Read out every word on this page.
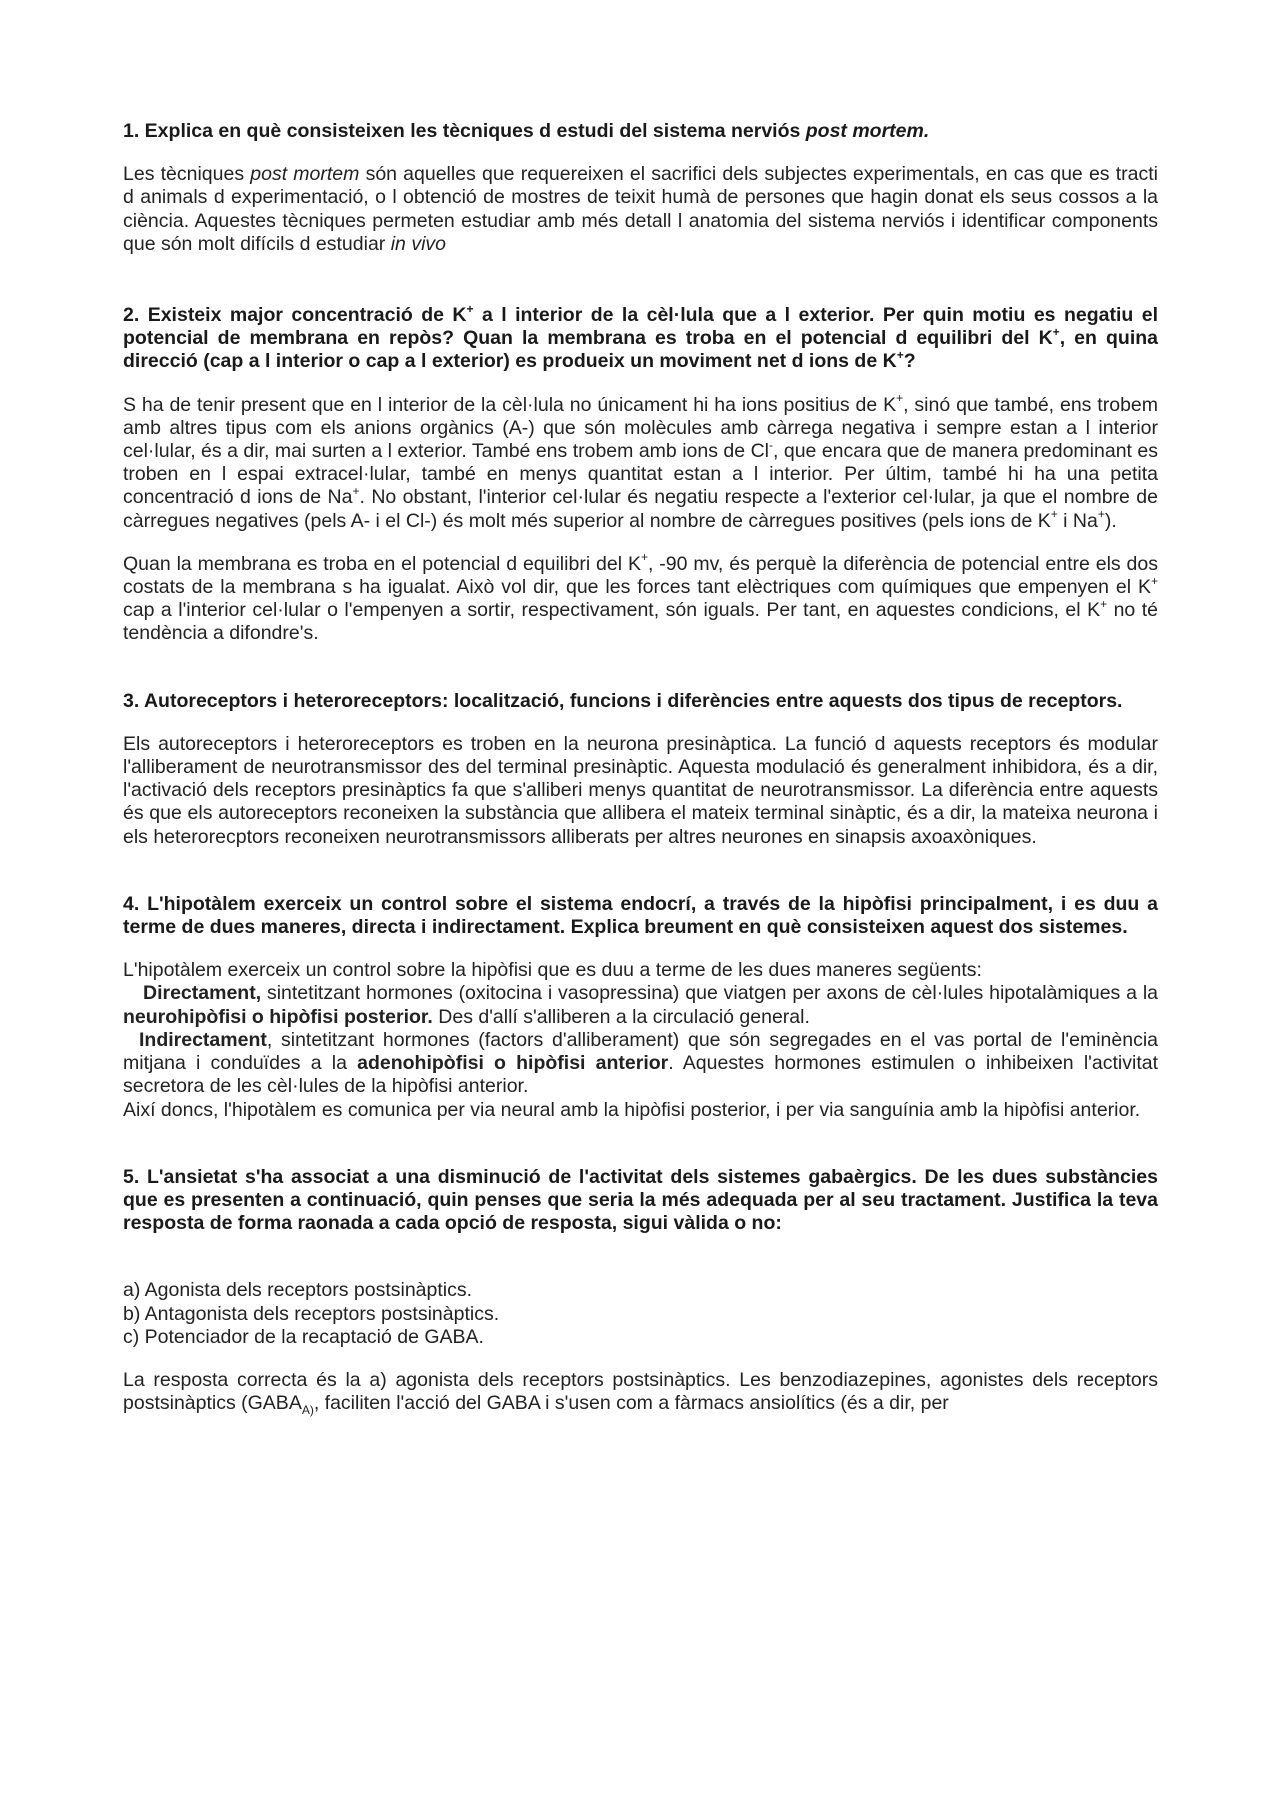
1. Explica en què consisteixen les tècniques d estudi del sistema nerviós post mortem.

Les tècniques post mortem són aquelles que requereixen el sacrifici dels subjectes experimentals, en cas que es tracti d animals d experimentació, o l obtenció de mostres de teixit humà de persones que hagin donat els seus cossos a la ciència. Aquestes tècniques permeten estudiar amb més detall l anatomia del sistema nerviós i identificar components que són molt difícils d estudiar in vivo

2. Existeix major concentració de K+ a l interior de la cèl·lula que a l exterior. Per quin motiu es negatiu el potencial de membrana en repòs? Quan la membrana es troba en el potencial d equilibri del K+, en quina direcció (cap a l interior o cap a l exterior) es produeix un moviment net d ions de K+?

S ha de tenir present que en l interior de la cèl·lula no únicament hi ha ions positius de K+, sinó que també, ens trobem amb altres tipus com els anions orgànics (A-) que són molècules amb càrrega negativa i sempre estan a l interior cel·lular, és a dir, mai surten a l exterior. També ens trobem amb ions de Cl-, que encara que de manera predominant es troben en l espai extracel·lular, també en menys quantitat estan a l interior. Per últim, també hi ha una petita concentració d ions de Na+. No obstant, l'interior cel·lular és negatiu respecte a l'exterior cel·lular, ja que el nombre de càrregues negatives (pels A- i el Cl-) és molt més superior al nombre de càrregues positives (pels ions de K+ i Na+).

Quan la membrana es troba en el potencial d equilibri del K+, -90 mv, és perquè la diferència de potencial entre els dos costats de la membrana s ha igualat. Això vol dir, que les forces tant elèctriques com químiques que empenyen el K+ cap a l'interior cel·lular o l'empenyen a sortir, respectivament, són iguals. Per tant, en aquestes condicions, el K+ no té tendència a difondre's.

3. Autoreceptors i heteroreceptors: localització, funcions i diferències entre aquests dos tipus de receptors.

Els autoreceptors i heteroreceptors es troben en la neurona presinàptica. La funció d aquests receptors és modular l'alliberament de neurotransmissor des del terminal presinàptic. Aquesta modulació és generalment inhibidora, és a dir, l'activació dels receptors presinàptics fa que s'alliberi menys quantitat de neurotransmissor. La diferència entre aquests és que els autoreceptors reconeixen la substància que allibera el mateix terminal sinàptic, és a dir, la mateixa neurona i els heterorecptors reconeixen neurotransmissors alliberats per altres neurones en sinapsis axoaxòniques.

4. L'hipotàlem exerceix un control sobre el sistema endocrí, a través de la hipòfisi principalment, i es duu a terme de dues maneres, directa i indirectament. Explica breument en què consisteixen aquest dos sistemes.

L'hipotàlem exerceix un control sobre la hipòfisi que es duu a terme de les dues maneres següents:

Directament, sintetitzant hormones (oxitocina i vasopressina) que viatgen per axons de cèl·lules hipotalàmiques a la neurohipòfisi o hipòfisi posterior. Des d'allí s'alliberen a la circulació general.

Indirectament, sintetitzant hormones (factors d'alliberament) que són segregades en el vas portal de l'eminència mitjana i conduïdes a la adenohipòfisi o hipòfisi anterior. Aquestes hormones estimulen o inhibeixen l'activitat secretora de les cèl·lules de la hipòfisi anterior.

Així doncs, l'hipotàlem es comunica per via neural amb la hipòfisi posterior, i per via sanguínia amb la hipòfisi anterior.

5. L'ansietat s'ha associat a una disminució de l'activitat dels sistemes gabaèrgics. De les dues substàncies que es presenten a continuació, quin penses que seria la més adequada per al seu tractament. Justifica la teva resposta de forma raonada a cada opció de resposta, sigui vàlida o no:

a) Agonista dels receptors postsinàptics.

b) Antagonista dels receptors postsinàptics.

c) Potenciador de la recaptació de GABA.

La resposta correcta és la a) agonista dels receptors postsinàptics. Les benzodiazepines, agonistes dels receptors postsinàptics ($GABA_{A)}$, faciliten l'acció del GABA i s'usen com a fàrmacs ansiolítics (és a dir, per
